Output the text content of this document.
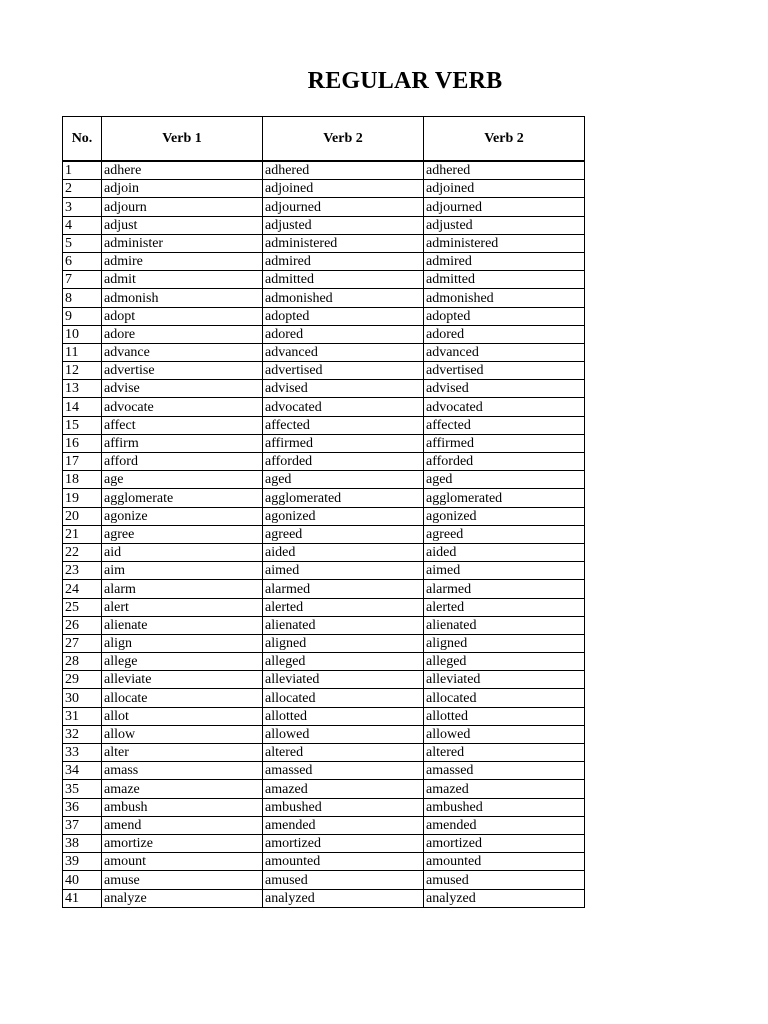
REGULAR VERB
No.	Verb 1	Verb 2	Verb 2
1	adhere	adhered	adhered
2	adjoin	adjoined	adjoined
3	adjourn	adjourned	adjourned
4	adjust	adjusted	adjusted
5	administer	administered	administered
6	admire	admired	admired
7	admit	admitted	admitted
8	admonish	admonished	admonished
9	adopt	adopted	adopted
10	adore	adored	adored
11	advance	advanced	advanced
12	advertise	advertised	advertised
13	advise	advised	advised
14	advocate	advocated	advocated
15	affect	affected	affected
16	affirm	affirmed	affirmed
17	afford	afforded	afforded
18	age	aged	aged
19	agglomerate	agglomerated	agglomerated
20	agonize	agonized	agonized
21	agree	agreed	agreed
22	aid	aided	aided
23	aim	aimed	aimed
24	alarm	alarmed	alarmed
25	alert	alerted	alerted
26	alienate	alienated	alienated
27	align	aligned	aligned
28	allege	alleged	alleged
29	alleviate	alleviated	alleviated
30	allocate	allocated	allocated
31	allot	allotted	allotted
32	allow	allowed	allowed
33	alter	altered	altered
34	amass	amassed	amassed
35	amaze	amazed	amazed
36	ambush	ambushed	ambushed
37	amend	amended	amended
38	amortize	amortized	amortized
39	amount	amounted	amounted
40	amuse	amused	amused
41	analyze	analyzed	analyzed
